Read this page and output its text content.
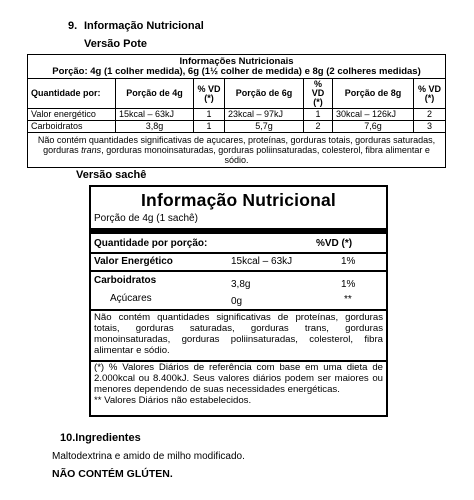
9. Informação Nutricional
Versão Pote
Informações Nutricionais
Porção: 4g (1 colher medida), 6g (1½ colher de medida) e 8g (2 colheres medidas)						

Quantidade por:	Porção de 4g	% VD (*)	Porção de 6g	% VD (*)	Porção de 8g	% VD (*)
Valor energético	15kcal – 63kJ	1	23kcal – 97kJ	1	30kcal – 126kJ	2
Carboidratos	3,8g	1	5,7g	2	7,6g	3
Não contém quantidades significativas de açucares, proteínas, gorduras totais, gorduras saturadas, gorduras trans, gorduras monoinsaturadas, gorduras poliinsaturadas, colesterol, fibra alimentar e sódio.						
Versão sachê
Informação Nutricional
Porção de 4g (1 sachê)
Quantidade por porção:	%VD (*)
Valor Energético	15kcal – 63kJ	1%
Carboidratos	3,8g	1%
Açúcares	0g	**
Não contém quantidades significativas de proteínas, gorduras totais, gorduras saturadas, gorduras trans, gorduras monoinsaturadas, gorduras poliinsaturadas, colesterol, fibra alimentar e sódio.
(*) % Valores Diários de referência com base em uma dieta de 2.000kcal ou 8.400kJ. Seus valores diários podem ser maiores ou menores dependendo de suas necessidades energéticas.
** Valores Diários não estabelecidos.
10.Ingredientes
Maltodextrina e amido de milho modificado.
NÃO CONTÉM GLÚTEN.
